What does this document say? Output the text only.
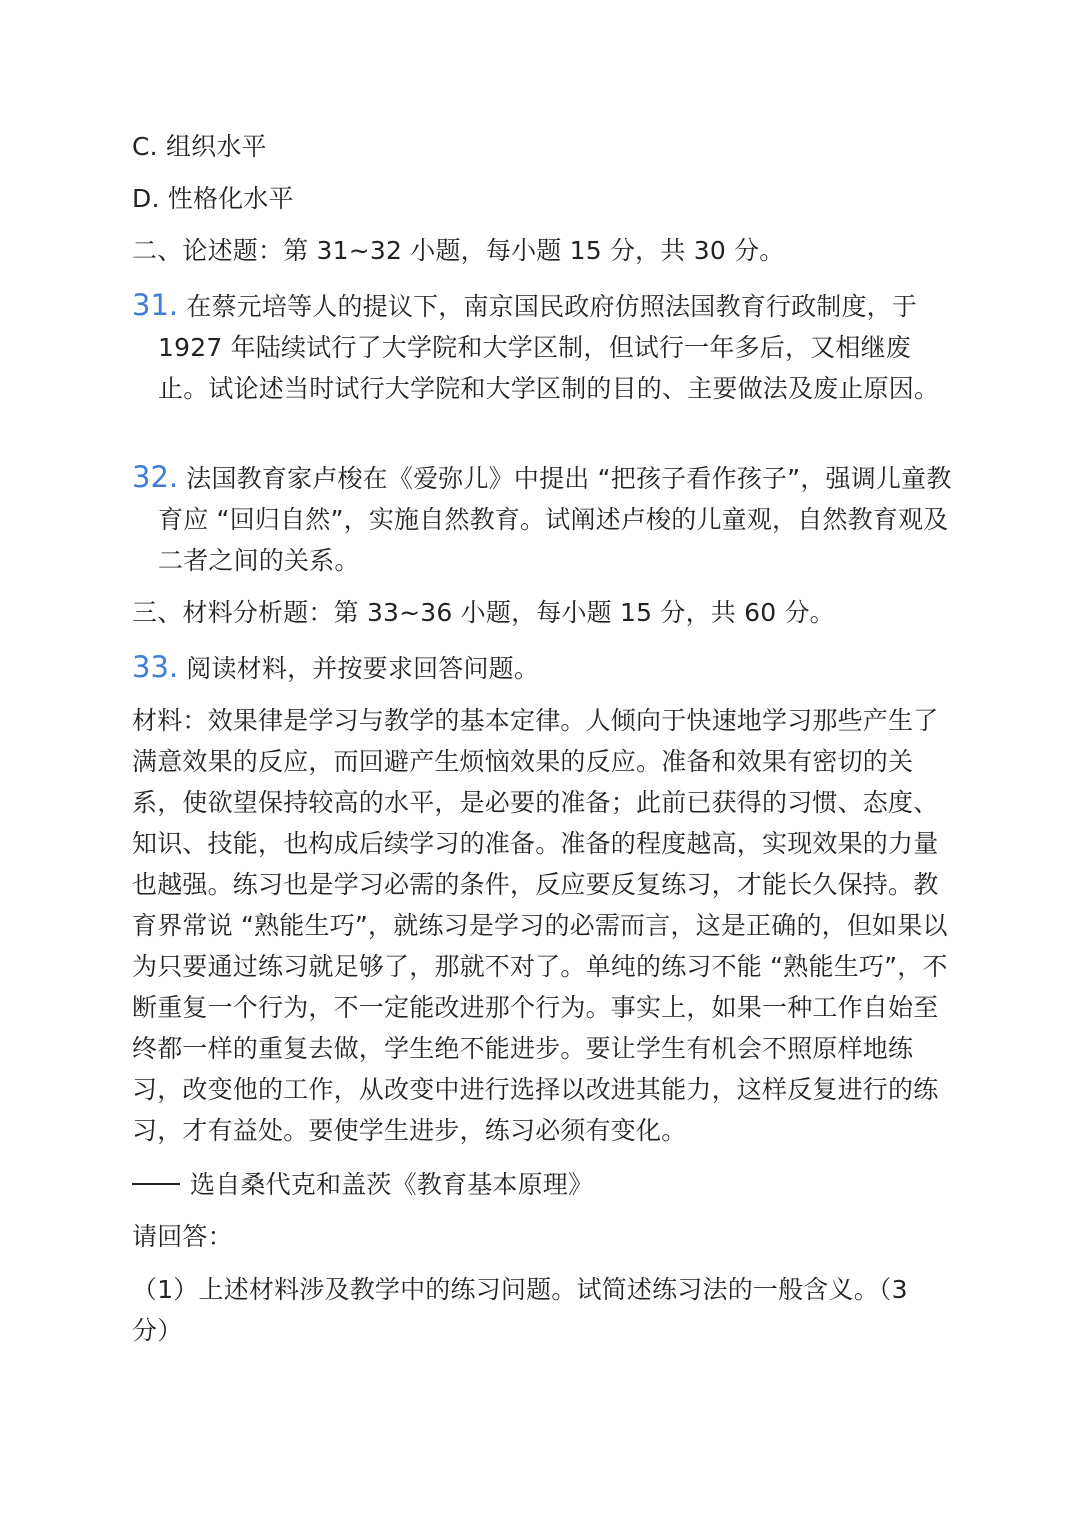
C. 组织水平
D. 性格化水平
二、论述题：第 31~32 小题，每小题 15 分，共 30 分。
31. 在蔡元培等人的提议下，南京国民政府仿照法国教育行政制度，于
1927 年陆续试行了大学院和大学区制，但试行一年多后，又相继废
止。试论述当时试行大学院和大学区制的目的、主要做法及废止原因。
32. 法国教育家卢梭在《爱弥儿》中提出 “把孩子看作孩子”，强调儿童教
育应 “回归自然”，实施自然教育。试阐述卢梭的儿童观，自然教育观及
二者之间的关系。
三、材料分析题：第 33~36 小题，每小题 15 分，共 60 分。
33. 阅读材料，并按要求回答问题。
材料：效果律是学习与教学的基本定律。人倾向于快速地学习那些产生了
满意效果的反应，而回避产生烦恼效果的反应。准备和效果有密切的关
系，使欲望保持较高的水平，是必要的准备；此前已获得的习惯、态度、
知识、技能，也构成后续学习的准备。准备的程度越高，实现效果的力量
也越强。练习也是学习必需的条件，反应要反复练习，才能长久保持。教
育界常说 “熟能生巧”，就练习是学习的必需而言，这是正确的，但如果以
为只要通过练习就足够了，那就不对了。单纯的练习不能 “熟能生巧”，不
断重复一个行为，不一定能改进那个行为。事实上，如果一种工作自始至
终都一样的重复去做，学生绝不能进步。要让学生有机会不照原样地练
习，改变他的工作，从改变中进行选择以改进其能力，这样反复进行的练
习，才有益处。要使学生进步，练习必须有变化。
选自桑代克和盖茨《教育基本原理》
请回答：
（1）上述材料涉及教学中的练习问题。试简述练习法的一般含义。（3
分）
